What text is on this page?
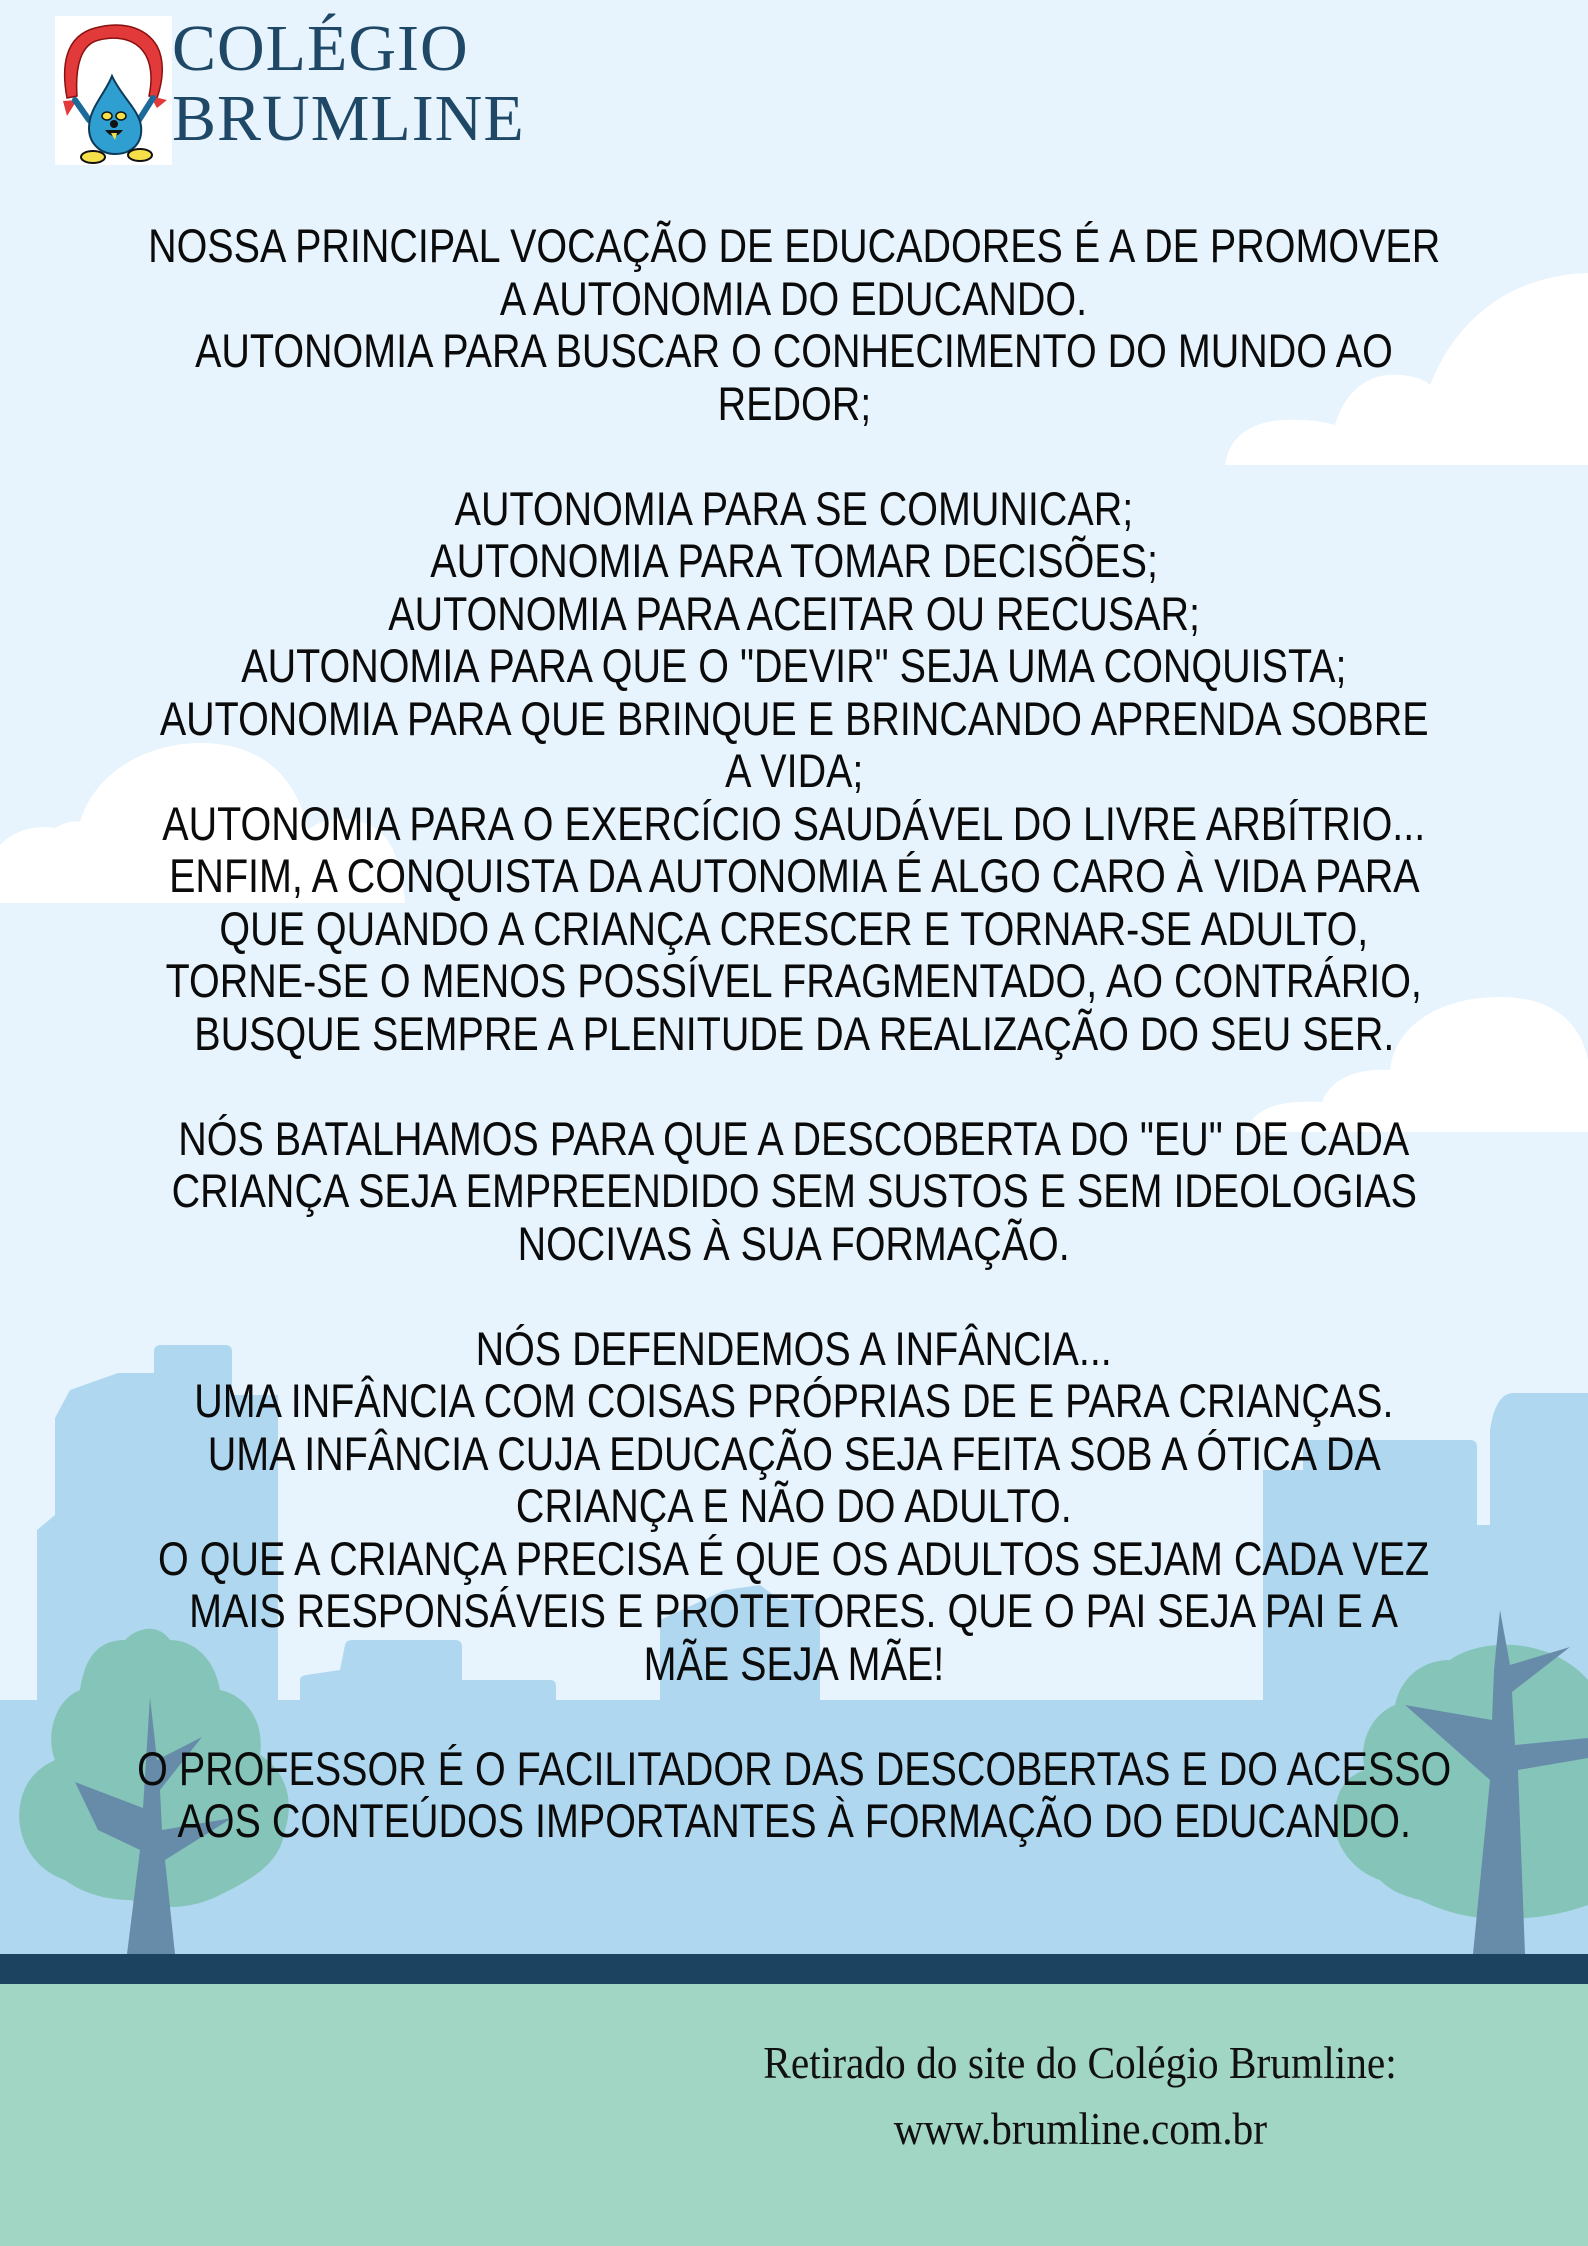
COLÉGIO
BRUMLINE
NOSSA PRINCIPAL VOCAÇÃO DE EDUCADORES É A DE PROMOVER
A AUTONOMIA DO EDUCANDO.
AUTONOMIA PARA BUSCAR O CONHECIMENTO DO MUNDO AO
REDOR;
AUTONOMIA PARA SE COMUNICAR;
AUTONOMIA PARA TOMAR DECISÕES;
AUTONOMIA PARA ACEITAR OU RECUSAR;
AUTONOMIA PARA QUE O "DEVIR" SEJA UMA CONQUISTA;
AUTONOMIA PARA QUE BRINQUE E BRINCANDO APRENDA SOBRE
A VIDA;
AUTONOMIA PARA O EXERCÍCIO SAUDÁVEL DO LIVRE ARBÍTRIO...
ENFIM, A CONQUISTA DA AUTONOMIA É ALGO CARO À VIDA PARA
QUE QUANDO A CRIANÇA CRESCER E TORNAR-SE ADULTO,
TORNE-SE O MENOS POSSÍVEL FRAGMENTADO, AO CONTRÁRIO,
BUSQUE SEMPRE A PLENITUDE DA REALIZAÇÃO DO SEU SER.
NÓS BATALHAMOS PARA QUE A DESCOBERTA DO "EU" DE CADA
CRIANÇA SEJA EMPREENDIDO SEM SUSTOS E SEM IDEOLOGIAS
NOCIVAS À SUA FORMAÇÃO.
NÓS DEFENDEMOS A INFÂNCIA...
UMA INFÂNCIA COM COISAS PRÓPRIAS DE E PARA CRIANÇAS.
UMA INFÂNCIA CUJA EDUCAÇÃO SEJA FEITA SOB A ÓTICA DA
CRIANÇA E NÃO DO ADULTO.
O QUE A CRIANÇA PRECISA É QUE OS ADULTOS SEJAM CADA VEZ
MAIS RESPONSÁVEIS E PROTETORES. QUE O PAI SEJA PAI E A
MÃE SEJA MÃE!
O PROFESSOR É O FACILITADOR DAS DESCOBERTAS E DO ACESSO
AOS CONTEÚDOS IMPORTANTES À FORMAÇÃO DO EDUCANDO.
Retirado do site do Colégio Brumline:
www.brumline.com.br
